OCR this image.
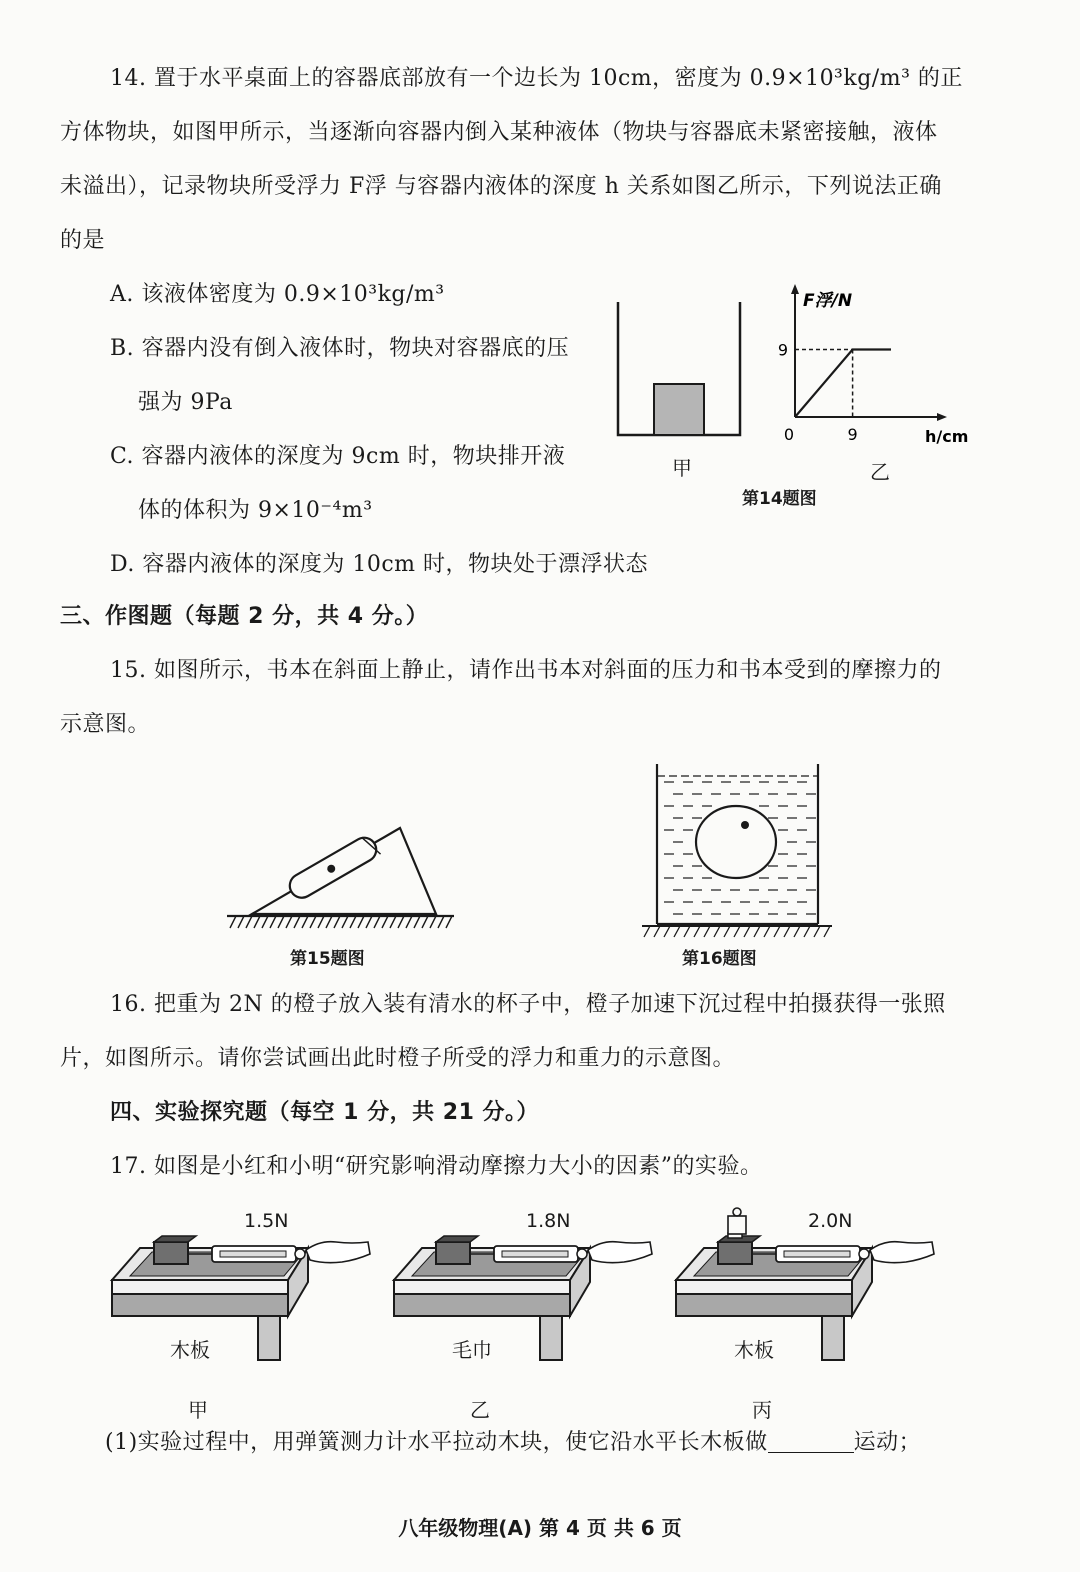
14. 置于水平桌面上的容器底部放有一个边长为 10cm，密度为 0.9×10³kg/m³ 的正
方体物块，如图甲所示，当逐渐向容器内倒入某种液体（物块与容器底未紧密接触，液体
未溢出），记录物块所受浮力 F浮 与容器内液体的深度 h 关系如图乙所示，下列说法正确
的是
A. 该液体密度为 0.9×10³kg/m³
B. 容器内没有倒入液体时，物块对容器底的压
强为 9Pa
C. 容器内液体的深度为 9cm 时，物块排开液
体的体积为 9×10⁻⁴m³
D. 容器内液体的深度为 10cm 时，物块处于漂浮状态
甲
F浮/N
h/cm
0	9
9
乙
第14题图
三、作图题（每题 2 分，共 4 分。）
15. 如图所示，书本在斜面上静止，请作出书本对斜面的压力和书本受到的摩擦力的
示意图。
第15题图	第16题图
16. 把重为 2N 的橙子放入装有清水的杯子中，橙子加速下沉过程中拍摄获得一张照
片，如图所示。请你尝试画出此时橙子所受的浮力和重力的示意图。
四、实验探究题（每空 1 分，共 21 分。）
17. 如图是小红和小明“研究影响滑动摩擦力大小的因素”的实验。
1.5N
木板
甲
1.8N
毛巾
乙
2.0N
木板
丙
(1)实验过程中，用弹簧测力计水平拉动木块，使它沿水平长木板做	运动；
八年级物理(A) 第 4 页 共 6 页
